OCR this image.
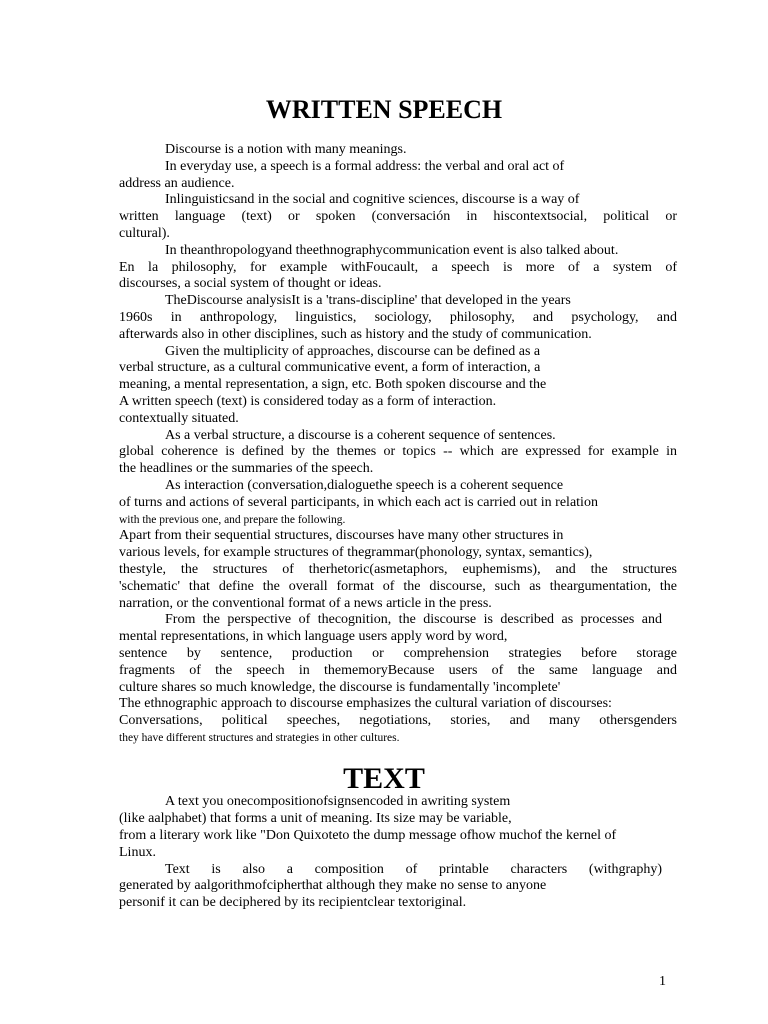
WRITTEN SPEECH
Discourse is a notion with many meanings.
In everyday use, a speech is a formal address: the verbal and oral act of
address an audience.
Inlinguisticsand in the social and cognitive sciences, discourse is a way of
written language (text) or spoken (conversación in hiscontextsocial, political or
cultural).
In theanthropologyand theethnographycommunication event is also talked about.
En la philosophy, for example withFoucault, a speech is more of a system of
discourses, a social system of thought or ideas.
TheDiscourse analysisIt is a 'trans-discipline' that developed in the years
1960s in anthropology, linguistics, sociology, philosophy, and psychology, and
afterwards also in other disciplines, such as history and the study of communication.
Given the multiplicity of approaches, discourse can be defined as a
verbal structure, as a cultural communicative event, a form of interaction, a
meaning, a mental representation, a sign, etc. Both spoken discourse and the
A written speech (text) is considered today as a form of interaction.
contextually situated.
As a verbal structure, a discourse is a coherent sequence of sentences.
global coherence is defined by the themes or topics -- which are expressed for example in
the headlines or the summaries of the speech.
As interaction (conversation,dialoguethe speech is a coherent sequence
of turns and actions of several participants, in which each act is carried out in relation
with the previous one, and prepare the following.
Apart from their sequential structures, discourses have many other structures in
various levels, for example structures of thegrammar(phonology, syntax, semantics),
thestyle, the structures of therhetoric(asmetaphors, euphemisms), and the structures
'schematic' that define the overall format of the discourse, such as theargumentation, the
narration, or the conventional format of a news article in the press.
From the perspective of thecognition, the discourse is described as processes and
mental representations, in which language users apply word by word,
sentence by sentence, production or comprehension strategies before storage
fragments of the speech in thememoryBecause users of the same language and
culture shares so much knowledge, the discourse is fundamentally 'incomplete'
The ethnographic approach to discourse emphasizes the cultural variation of discourses:
Conversations, political speeches, negotiations, stories, and many othersgenders
they have different structures and strategies in other cultures.
TEXT
A text you onecompositionofsignsencoded in awriting system
(like aalphabet) that forms a unit of meaning. Its size may be variable,
from a literary work like "Don Quixoteto the dump message ofhow muchof the kernel of
Linux.
Text is also a composition of printable characters (withgraphy)
generated by aalgorithmofcipherthat although they make no sense to anyone
personif it can be deciphered by its recipientclear textoriginal.
1
